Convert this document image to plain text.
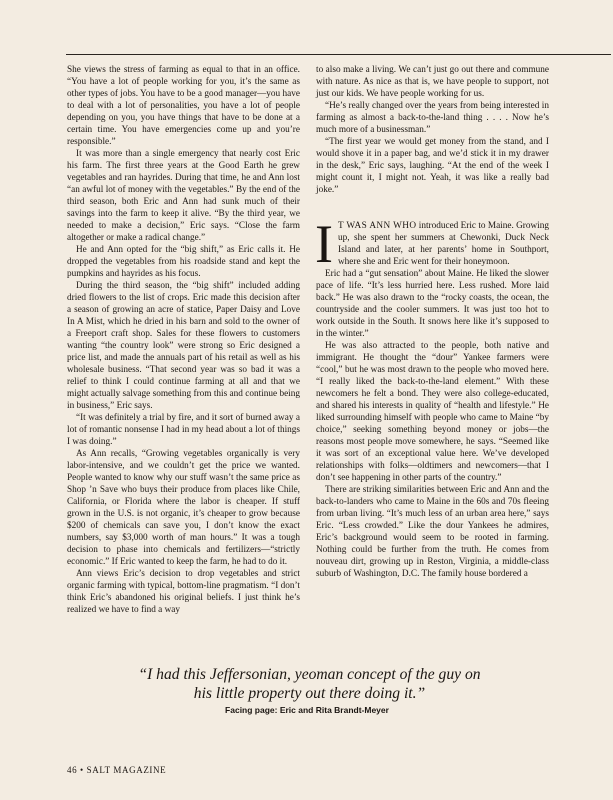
She views the stress of farming as equal to that in an office. “You have a lot of people working for you, it’s the same as other types of jobs. You have to be a good manager—you have to deal with a lot of personalities, you have a lot of people depending on you, you have things that have to be done at a certain time. You have emergencies come up and you’re responsible.”

It was more than a single emergency that nearly cost Eric his farm. The first three years at the Good Earth he grew vegetables and ran hayrides. During that time, he and Ann lost “an awful lot of money with the vegetables.” By the end of the third season, both Eric and Ann had sunk much of their savings into the farm to keep it alive. “By the third year, we needed to make a decision,” Eric says. “Close the farm altogether or make a radical change.”

He and Ann opted for the “big shift,” as Eric calls it. He dropped the vegetables from his roadside stand and kept the pumpkins and hayrides as his focus.

During the third season, the “big shift” included adding dried flowers to the list of crops. Eric made this decision after a season of growing an acre of statice, Paper Daisy and Love In A Mist, which he dried in his barn and sold to the owner of a Freeport craft shop. Sales for these flowers to customers wanting “the country look” were strong so Eric designed a price list, and made the annuals part of his retail as well as his wholesale business. “That second year was so bad it was a relief to think I could continue farming at all and that we might actually salvage something from this and continue being in business,” Eric says.

“It was definitely a trial by fire, and it sort of burned away a lot of romantic nonsense I had in my head about a lot of things I was doing.”

As Ann recalls, “Growing vegetables organically is very labor-intensive, and we couldn’t get the price we wanted. People wanted to know why our stuff wasn’t the same price as Shop ’n Save who buys their produce from places like Chile, California, or Florida where the labor is cheaper. If stuff grown in the U.S. is not organic, it’s cheaper to grow because $200 of chemicals can save you, I don’t know the exact numbers, say $3,000 worth of man hours.” It was a tough decision to phase into chemicals and fertilizers—“strictly economic.” If Eric wanted to keep the farm, he had to do it.

Ann views Eric’s decision to drop vegetables and strict organic farming with typical, bottom-line pragmatism. “I don’t think Eric’s abandoned his original beliefs. I just think he’s realized we have to find a way

to also make a living. We can’t just go out there and commune with nature. As nice as that is, we have people to support, not just our kids. We have people working for us.

“He’s really changed over the years from being interested in farming as almost a back-to-the-land thing . . . . Now he’s much more of a businessman.”

“The first year we would get money from the stand, and I would shove it in a paper bag, and we’d stick it in my drawer in the desk,” Eric says, laughing. “At the end of the week I might count it, I might not. Yeah, it was like a really bad joke.”

I T WAS ANN WHO introduced Eric to Maine. Growing up, she spent her summers at Chewonki, Duck Neck Island and later, at her parents’ home in Southport, where she and Eric went for their honeymoon.

Eric had a “gut sensation” about Maine. He liked the slower pace of life. “It’s less hurried here. Less rushed. More laid back.” He was also drawn to the “rocky coasts, the ocean, the countryside and the cooler summers. It was just too hot to work outside in the South. It snows here like it’s supposed to in the winter.”

He was also attracted to the people, both native and immigrant. He thought the “dour” Yankee farmers were “cool,” but he was most drawn to the people who moved here. “I really liked the back-to-the-land element.” With these newcomers he felt a bond. They were also college-educated, and shared his interests in quality of “health and lifestyle.” He liked surrounding himself with people who came to Maine “by choice,” seeking something beyond money or jobs—the reasons most people move somewhere, he says. “Seemed like it was sort of an exceptional value here. We’ve developed relationships with folks—oldtimers and newcomers—that I don’t see happening in other parts of the country.”

There are striking similarities between Eric and Ann and the back-to-landers who came to Maine in the 60s and 70s fleeing from urban living. “It’s much less of an urban area here,” says Eric. “Less crowded.” Like the dour Yankees he admires, Eric’s background would seem to be rooted in farming. Nothing could be further from the truth. He comes from nouveau dirt, growing up in Reston, Virginia, a middle-class suburb of Washington, D.C. The family house bordered a

“I had this Jeffersonian, yeoman concept of the guy on
his little property out there doing it.”
Facing page: Eric and Rita Brandt-Meyer
46 • SALT MAGAZINE
